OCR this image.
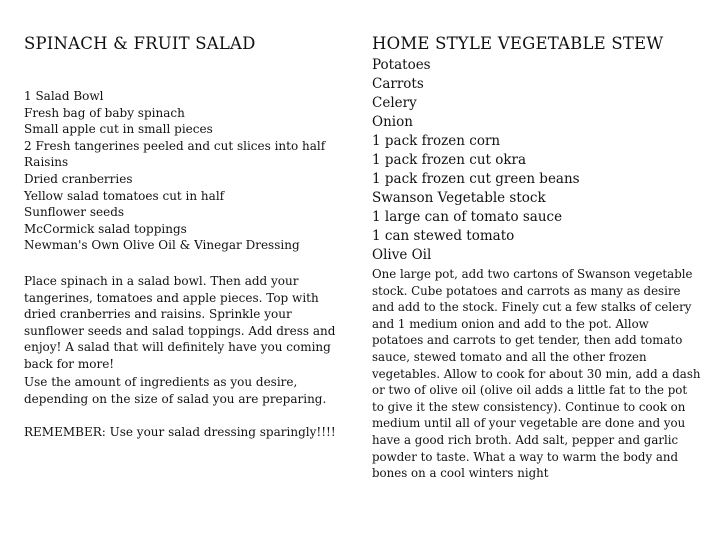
SPINACH & FRUIT SALAD
1 Salad Bowl
Fresh bag of baby spinach
Small apple cut in small pieces
2 Fresh tangerines peeled and cut slices into half
Raisins
Dried cranberries
Yellow salad tomatoes cut in half
Sunflower seeds
McCormick salad toppings
Newman's Own Olive Oil & Vinegar Dressing

Place spinach in a salad bowl. Then add your tangerines, tomatoes and apple pieces. Top with dried cranberries and raisins. Sprinkle your sunflower seeds and salad toppings. Add dress and enjoy! A salad that will definitely have you coming back for more!

Use the amount of ingredients as you desire, depending on the size of salad you are preparing.

REMEMBER: Use your salad dressing sparingly!!!!

HOME STYLE VEGETABLE STEW
Potatoes
Carrots
Celery
Onion
1 pack frozen corn
1 pack frozen cut okra
1 pack frozen cut green beans
Swanson Vegetable stock
1 large can of tomato sauce
1 can stewed tomato
Olive Oil

One large pot, add two cartons of Swanson vegetable stock. Cube potatoes and carrots as many as desire and add to the stock. Finely cut a few stalks of celery and 1 medium onion and add to the pot. Allow potatoes and carrots to get tender, then add tomato sauce, stewed tomato and all the other frozen vegetables. Allow to cook for about 30 min, add a dash or two of olive oil (olive oil adds a little fat to the pot to give it the stew consistency). Continue to cook on medium until all of your vegetable are done and you have a good rich broth. Add salt, pepper and garlic powder to taste. What a way to warm the body and bones on a cool winters night
